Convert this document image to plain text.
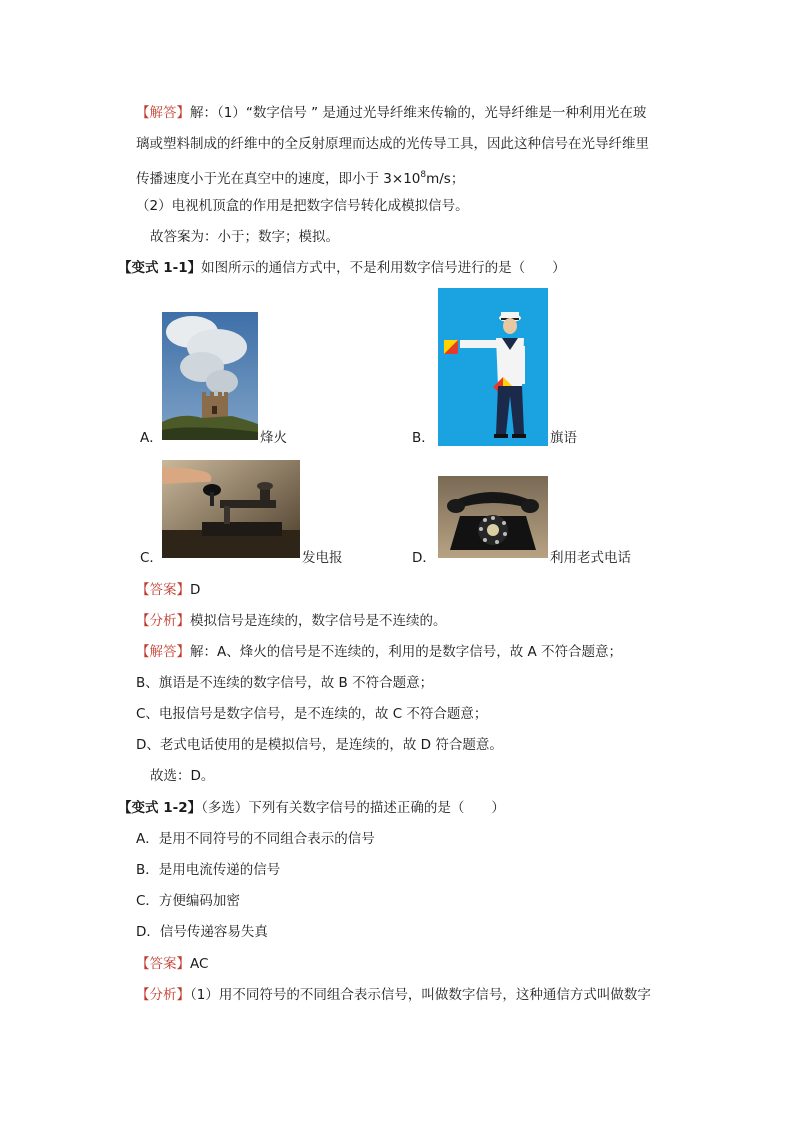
【解答】解：（1）“数字信号 ” 是通过光导纤维来传输的，光导纤维是一种利用光在玻
璃或塑料制成的纤维中的全反射原理而达成的光传导工具，因此这种信号在光导纤维里
传播速度小于光在真空中的速度，即小于 $3\times 10^8m/s$；
（2）电视机顶盒的作用是把数字信号转化成模拟信号。
故答案为：小于；数字；模拟。
【变式 1-1】如图所示的通信方式中，不是利用数字信号进行的是（　　）
A．	烽火	B．	旗语
C．	发电报	D．	利用老式电话
【答案】D
【分析】模拟信号是连续的，数字信号是不连续的。
【解答】解：A、烽火的信号是不连续的，利用的是数字信号，故 A 不符合题意；
B、旗语是不连续的数字信号，故 B 不符合题意；
C、电报信号是数字信号，是不连续的，故 C 不符合题意；
D、老式电话使用的是模拟信号，是连续的，故 D 符合题意。
故选：D。
【变式 1-2】（多选）下列有关数字信号的描述正确的是（　　）
A．是用不同符号的不同组合表示的信号
B．是用电流传递的信号
C．方便编码加密
D．信号传递容易失真
【答案】AC
【分析】（1）用不同符号的不同组合表示信号，叫做数字信号，这种通信方式叫做数字
